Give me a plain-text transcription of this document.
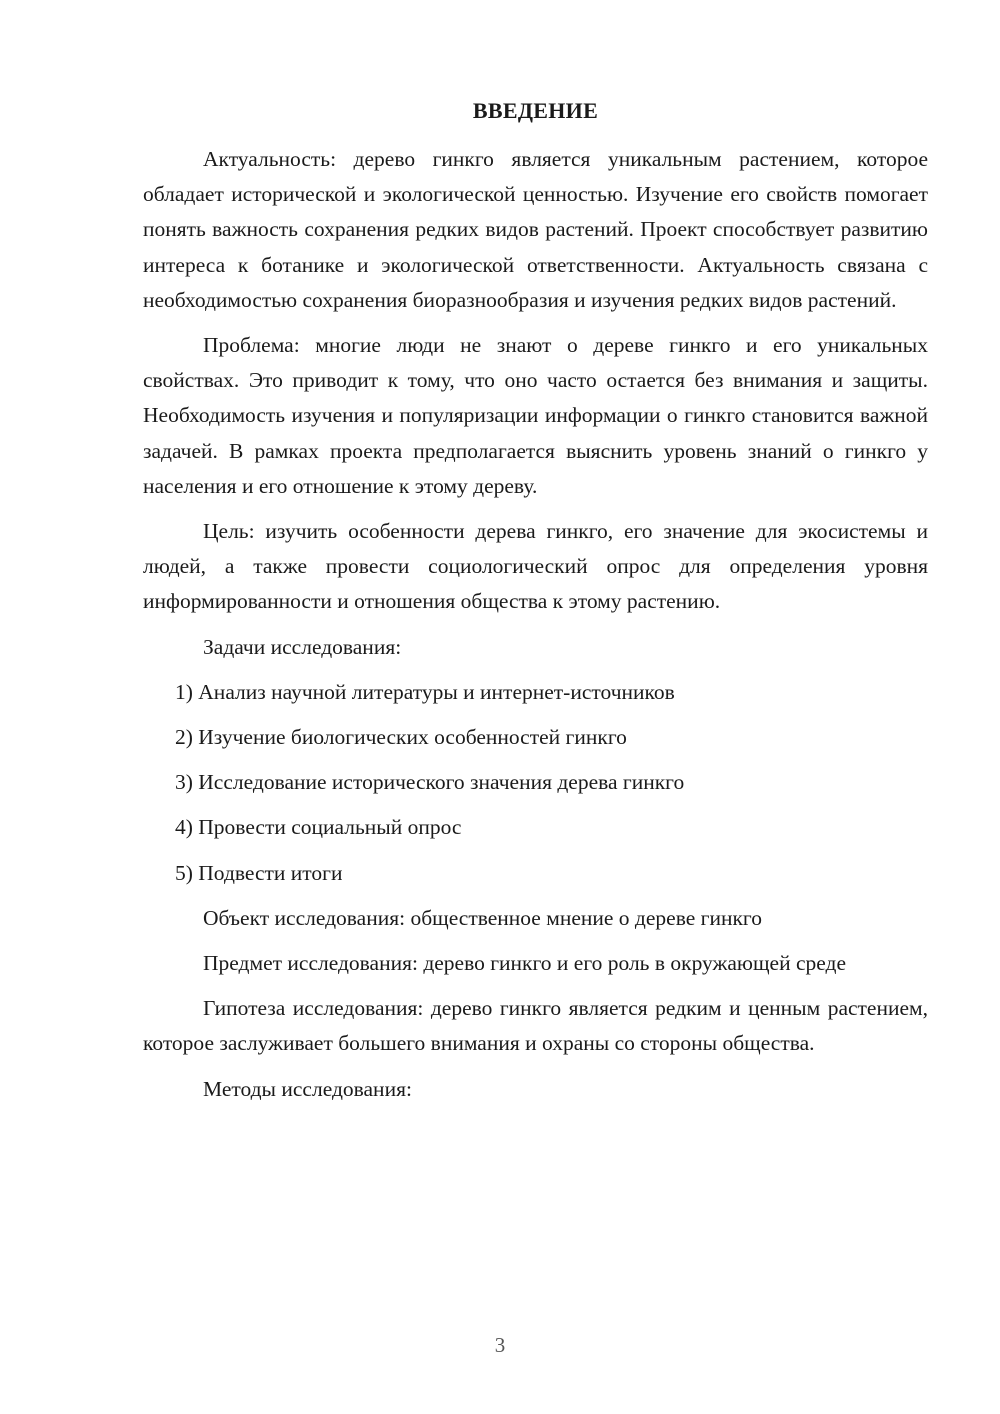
ВВЕДЕНИЕ

Актуальность: дерево гинкго является уникальным растением, которое обладает исторической и экологической ценностью. Изучение его свойств помогает понять важность сохранения редких видов растений. Проект способствует развитию интереса к ботанике и экологической ответственности. Актуальность связана с необходимостью сохранения биоразнообразия и изучения редких видов растений.

Проблема: многие люди не знают о дереве гинкго и его уникальных свойствах. Это приводит к тому, что оно часто остается без внимания и защиты. Необходимость изучения и популяризации информации о гинкго становится важной задачей. В рамках проекта предполагается выяснить уровень знаний о гинкго у населения и его отношение к этому дереву.

Цель: изучить особенности дерева гинкго, его значение для экосистемы и людей, а также провести социологический опрос для определения уровня информированности и отношения общества к этому растению.

Задачи исследования:

1) Анализ научной литературы и интернет-источников

2) Изучение биологических особенностей гинкго

3) Исследование исторического значения дерева гинкго

4) Провести социальный опрос

5) Подвести итоги

Объект исследования: общественное мнение о дереве гинкго

Предмет исследования: дерево гинкго и его роль в окружающей среде

Гипотеза исследования: дерево гинкго является редким и ценным растением, которое заслуживает большего внимания и охраны со стороны общества.

Методы исследования:

3
